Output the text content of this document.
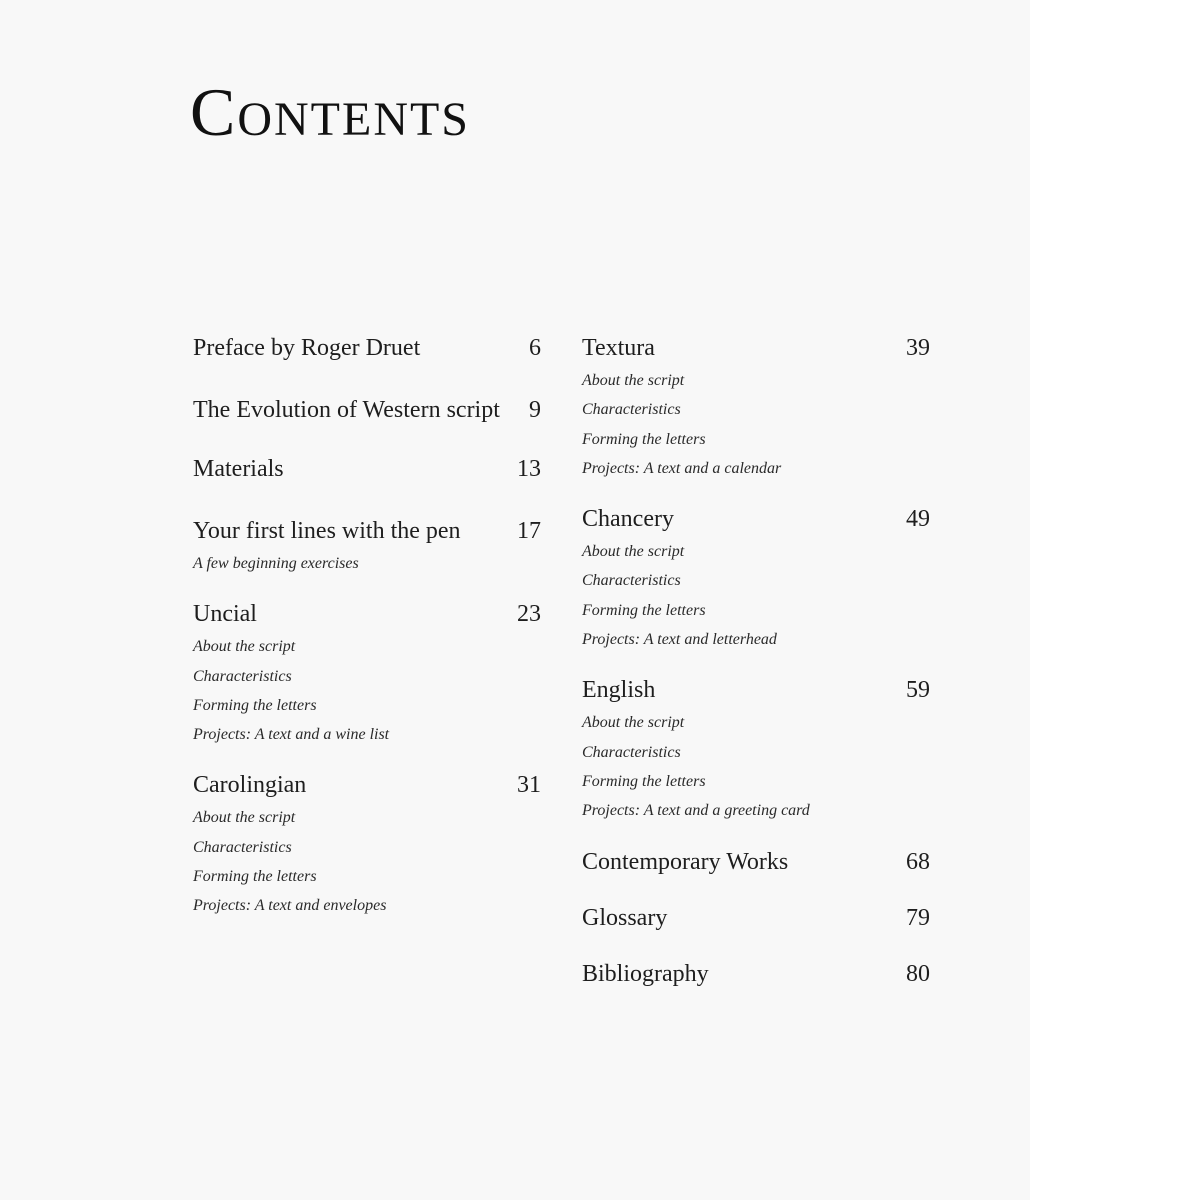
Contents
Preface by Roger Druet	6
The Evolution of Western script 9
Materials	13
Your first lines with the pen 17
A few beginning exercises
Uncial	23
About the script
Characteristics
Forming the letters
Projects: A text and a wine list
Carolingian	31
About the script
Characteristics
Forming the letters
Projects: A text and envelopes
Textura	39
About the script
Characteristics
Forming the letters
Projects: A text and a calendar
Chancery	49
About the script
Characteristics
Forming the letters
Projects: A text and letterhead
English	59
About the script
Characteristics
Forming the letters
Projects: A text and a greeting card
Contemporary Works	68
Glossary	79
Bibliography	80
